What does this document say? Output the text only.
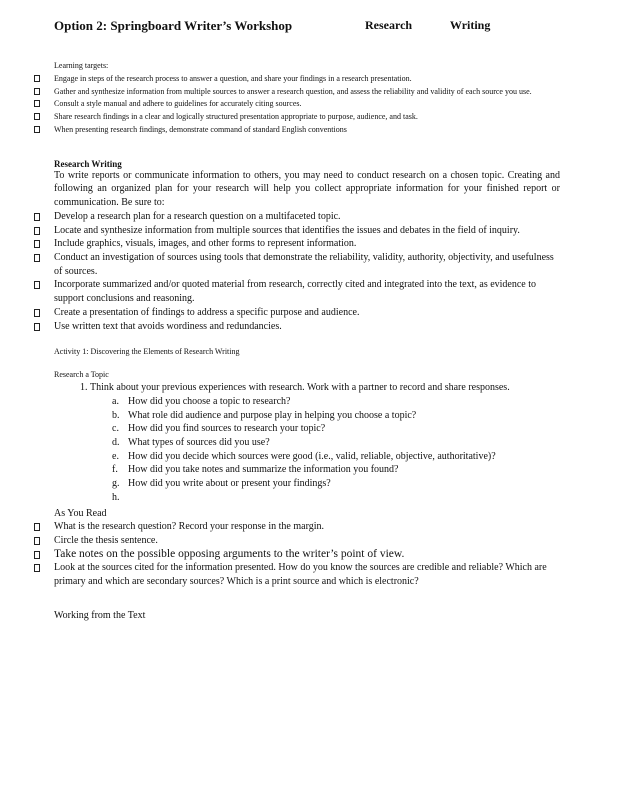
Option 2: Springboard Writer’s Workshop	Research	Writing
Learning targets:
Engage in steps of the research process to answer a question, and share your findings in a research presentation.
Gather and synthesize information from multiple sources to answer a research question, and assess the reliability and validity of each source you use.
Consult a style manual and adhere to guidelines for accurately citing sources.
Share research findings in a clear and logically structured presentation appropriate to purpose, audience, and task.
When presenting research findings, demonstrate command of standard English conventions
Research Writing
To write reports or communicate information to others, you may need to conduct research on a chosen topic. Creating and following an organized plan for your research will help you collect appropriate information for your finished report or communication. Be sure to:
Develop a research plan for a research question on a multifaceted topic.
Locate and synthesize information from multiple sources that identifies the issues and debates in the field of inquiry.
Include graphics, visuals, images, and other forms to represent information.
Conduct an investigation of sources using tools that demonstrate the reliability, validity, authority, objectivity, and usefulness of sources.
Incorporate summarized and/or quoted material from research, correctly cited and integrated into the text, as evidence to support conclusions and reasoning.
Create a presentation of findings to address a specific purpose and audience.
Use written text that avoids wordiness and redundancies.
Activity 1: Discovering the Elements of Research Writing
Research a Topic
1. Think about your previous experiences with research. Work with a partner to record and share responses.
a. How did you choose a topic to research?
b. What role did audience and purpose play in helping you choose a topic?
c. How did you find sources to research your topic?
d. What types of sources did you use?
e. How did you decide which sources were good (i.e., valid, reliable, objective, authoritative)?
f. How did you take notes and summarize the information you found?
g. How did you write about or present your findings?
h.

As You Read
What is the research question? Record your response in the margin.
Circle the thesis sentence.
Take notes on the possible opposing arguments to the writer’s point of view.
Look at the sources cited for the information presented. How do you know the sources are credible and reliable? Which are primary and which are secondary sources? Which is a print source and which is electronic?
Working from the Text
